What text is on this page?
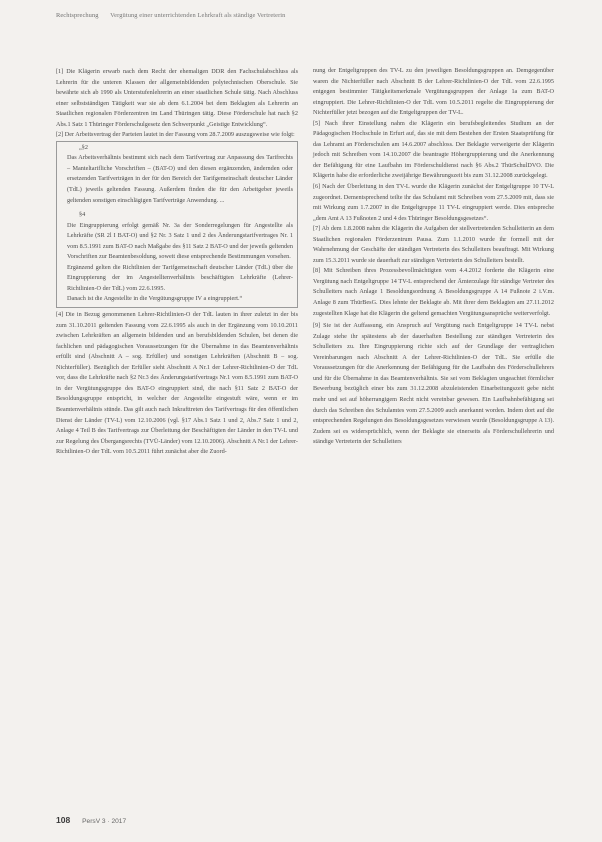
Rechtsprechung Vergütung einer unterrichtenden Lehrkraft als ständige Vertreterin

[1] Die Klägerin erwarb nach dem Recht der ehemaligen DDR den Fachschulabschluss als Lehrerin für die unteren Klassen der allgemeinbildenden polytechnischen Oberschule. Sie bewährte sich ab 1990 als Unterstufenlehrerin an einer staatlichen Schule tätig. Nach Abschluss einer selbstständigen Tätigkeit war sie ab dem 6.1.2004 bei dem Beklagten als Lehrerin an Staatlichen regionalen Förderzentren im Land Thüringen tätig. Diese Förderschule hat nach §2 Abs.1 Satz 1 Thüringer Förderschulgesetz den Schwerpunkt „Geistige Entwicklung“.

[2] Der Arbeitsvertrag der Parteien lautet in der Fassung vom 28.7.2009 auszugsweise wie folgt:

„§2

Das Arbeitsverhältnis bestimmt sich nach dem Tarifvertrag zur Anpassung des Tarifrechts – Manteltarifliche Vorschriften – (BAT-O) und den diesen ergänzenden, ändernden oder ersetzenden Tarifverträgen in der für den Bereich der Tarifgemeinschaft deutscher Länder (TdL) jeweils geltenden Fassung. Außerdem finden die für den Arbeitgeber jeweils geltenden sonstigen einschlägigen Tarifverträge Anwendung. ...

§4

Die Eingruppierung erfolgt gemäß Nr. 3a der Sonderregelungen für Angestellte als Lehrkräfte (SR 2l I BAT-O) und §2 Nr. 3 Satz 1 und 2 des Änderungstarifvertrages Nr. 1 vom 8.5.1991 zum BAT-O nach Maßgabe des §11 Satz 2 BAT-O und der jeweils geltenden Vorschriften zur Beamtenbesoldung, soweit diese entsprechende Bestimmungen vorsehen.

Ergänzend gelten die Richtlinien der Tarifgemeinschaft deutscher Länder (TdL) über die Eingruppierung der im Angestelltenverhältnis beschäftigten Lehrkräfte (Lehrer-Richtlinien-O der TdL) vom 22.6.1995.

Danach ist die Angestellte in die Vergütungsgruppe IV a eingruppiert.“

[4] Die in Bezug genommenen Lehrer-Richtlinien-O der TdL lauten in ihrer zuletzt in der bis zum 31.10.2011 geltenden Fassung vom 22.6.1995 als auch in der Ergänzung vom 10.10.2011 zwischen Lehrkräften an allgemein bildenden und an berufsbildenden Schulen, bei denen die fachlichen und pädagogischen Voraussetzungen für die Übernahme in das Beamtenverhältnis erfüllt sind (Abschnitt A – sog. Erfüller) und sonstigen Lehrkräften (Abschnitt B – sog. Nichterfüller). Bezüglich der Erfüller sieht Abschnitt A Nr.1 der Lehrer-Richtlinien-O der TdL vor, dass die Lehrkräfte nach §2 Nr.3 des Änderungstarifvertrags Nr.1 vom 8.5.1991 zum BAT-O in der Vergütungsgruppe des BAT-O eingruppiert sind, die nach §11 Satz 2 BAT-O der Besoldungsgruppe entspricht, in welcher der Angestellte eingestuft wäre, wenn er im Beamtenverhältnis stünde. Das gilt auch nach Inkrafttreten des Tarifvertrags für den öffentlichen Dienst der Länder (TV-L) vom 12.10.2006 (vgl. §17 Abs.1 Satz 1 und 2, Abs.7 Satz 1 und 2, Anlage 4 Teil B des Tarifvertrags zur Überleitung der Beschäftigten der Länder in den TV-L und zur Regelung des Übergangsrechts (TVÜ-Länder) vom 12.10.2006). Abschnitt A Nr.1 der Lehrer-Richtlinien-O der TdL vom 10.5.2011 führt zunächst aber die Zuord-

nung der Entgeltgruppen des TV-L zu den jeweiligen Besoldungsgruppen an. Demgegenüber waren die Nichterfüller nach Abschnitt B der Lehrer-Richtlinien-O der TdL vom 22.6.1995 entgegen bestimmter Tätigkeitsmerkmale Vergütungsgruppen der Anlage 1a zum BAT-O eingruppiert. Die Lehrer-Richtlinien-O der TdL vom 10.5.2011 regelte die Eingruppierung der Nichterfüller jetzt bezogen auf die Entgeltgruppen der TV-L.

[5] Nach ihrer Einstellung nahm die Klägerin ein berufsbegleitendes Studium an der Pädagogischen Hochschule in Erfurt auf, das sie mit dem Bestehen der Ersten Staatsprüfung für das Lehramt an Förderschulen am 14.6.2007 abschloss. Der Beklagte verweigerte der Klägerin jedoch mit Schreiben vom 14.10.2007 die beantragte Höhergruppierung und die Anerkennung der Befähigung für eine Laufbahn im Förderschuldienst nach §6 Abs.2 ThürSchulDVO. Die Klägerin habe die erforderliche zweijährige Bewährungszeit bis zum 31.12.2008 zurückgelegt.

[6] Nach der Überleitung in den TV-L wurde die Klägerin zunächst der Entgeltgruppe 10 TV-L zugeordnet. Dementsprechend teilte ihr das Schulamt mit Schreiben vom 27.5.2009 mit, dass sie mit Wirkung zum 1.7.2007 in die Entgeltgruppe 11 TV-L eingruppiert werde. Dies entspreche „dem Amt A 13 Fußnoten 2 und 4 des Thüringer Besoldungsgesetzes“.

[7] Ab dem 1.8.2008 nahm die Klägerin die Aufgaben der stellvertretenden Schulleiterin an dem Staatlichen regionalen Förderzentrum Pausa. Zum 1.1.2010 wurde ihr formell mit der Wahrnehmung der Geschäfte der ständigen Vertreterin des Schulleiters beauftragt. Mit Wirkung zum 15.3.2011 wurde sie dauerhaft zur ständigen Vertreterin des Schulleiters bestellt.

[8] Mit Schreiben ihres Prozessbevollmächtigten vom 4.4.2012 forderte die Klägerin eine Vergütung nach Entgeltgruppe 14 TV-L entsprechend der Ämterzulage für ständige Vertreter des Schulleiters nach Anlage 1 Besoldungsordnung A Besoldungsgruppe A 14 Fußnote 2 i.V.m. Anlage 8 zum ThürBesG. Dies lehnte der Beklagte ab. Mit ihrer dem Beklagten am 27.11.2012 zugestellten Klage hat die Klägerin die geltend gemachten Vergütungsansprüche weiterverfolgt.

[9] Sie ist der Auffassung, ein Anspruch auf Vergütung nach Entgeltgruppe 14 TV-L nebst Zulage stehe ihr spätestens ab der dauerhaften Bestellung zur ständigen Vertreterin des Schulleiters zu. Ihre Eingruppierung richte sich auf der Grundlage der vertraglichen Vereinbarungen nach Abschnitt A der Lehrer-Richtlinien-O der TdL. Sie erfülle die Voraussetzungen für die Anerkennung der Befähigung für die Laufbahn des Förderschullehrers und für die Übernahme in das Beamtenverhältnis. Sie sei vom Beklagten ungeachtet förmlicher Bewerbung bezüglich einer bis zum 31.12.2008 abzuleistenden Einarbeitungszeit gebe nicht mehr und sei auf höherrangigem Recht nicht vereinbar gewesen. Ein Laufbahnbefähigung sei durch das Schreiben des Schulamtes vom 27.5.2009 auch anerkannt worden. Indem dort auf die entsprechenden Regelungen des Besoldungsgesetzes verwiesen wurde (Besoldungsgruppe A 13). Zudem sei es widersprüchlich, wenn der Beklagte sie einerseits als Förderschullehrerin und ständige Vertreterin der Schulleiters

108 PersV 3 · 2017
